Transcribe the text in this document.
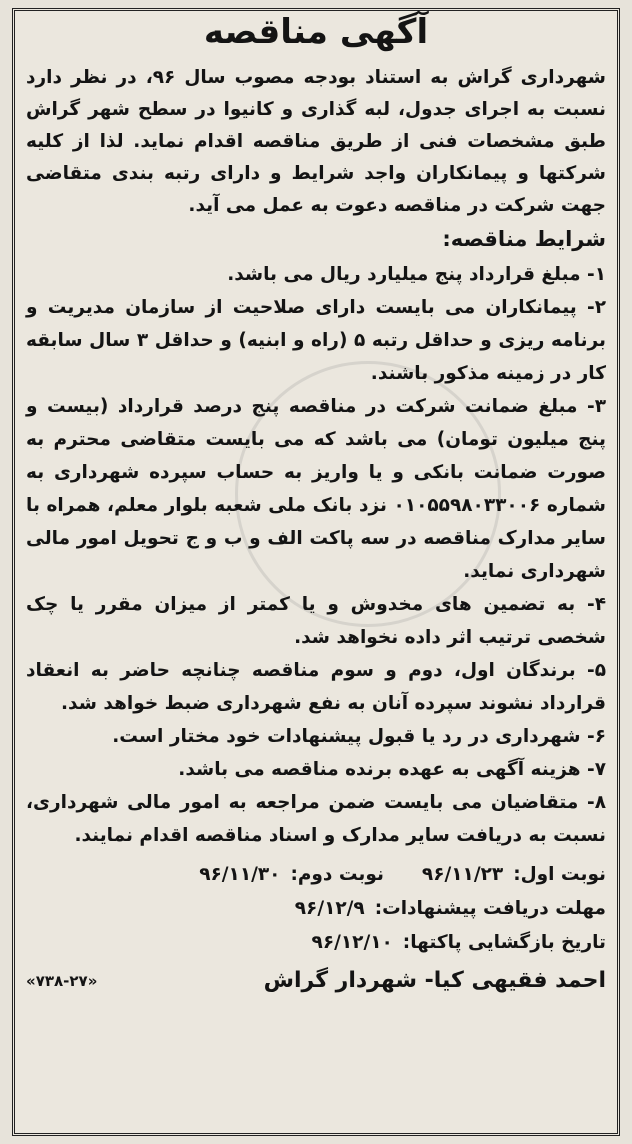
آگهی مناقصه

شهرداری گراش به استناد بودجه مصوب سال ۹۶، در نظر دارد نسبت به اجرای جدول، لبه گذاری و کانیوا در سطح شهر گراش طبق مشخصات فنی از طریق مناقصه اقدام نماید. لذا از کلیه شرکتها و پیمانکاران واجد شرایط و دارای رتبه بندی متقاضی جهت شرکت در مناقصه دعوت به عمل می آید.

شرایط مناقصه:

۱- مبلغ قرارداد پنج میلیارد ریال می باشد.

۲- پیمانکاران می بایست دارای صلاحیت از سازمان مدیریت و برنامه ریزی و حداقل رتبه ۵ (راه و ابنیه) و حداقل ۳ سال سابقه کار در زمینه مذکور باشند.

۳- مبلغ ضمانت شرکت در مناقصه پنج درصد قرارداد (بیست و پنج میلیون تومان) می باشد که می بایست متقاضی محترم به صورت ضمانت بانکی و یا واریز به حساب سپرده شهرداری به شماره ۰۱۰۵۵۹۸۰۳۳۰۰۶ نزد بانک ملی شعبه بلوار معلم، همراه با سایر مدارک مناقصه در سه پاکت الف و ب و ج تحویل امور مالی شهرداری نماید.

۴- به تضمین های مخدوش و یا کمتر از میزان مقرر یا چک شخصی ترتیب اثر داده نخواهد شد.

۵- برندگان اول، دوم و سوم مناقصه چنانچه حاضر به انعقاد قرارداد نشوند سپرده آنان به نفع شهرداری ضبط خواهد شد.

۶- شهرداری در رد یا قبول پیشنهادات خود مختار است.

۷- هزینه آگهی به عهده برنده مناقصه می باشد.

۸- متقاضیان می بایست ضمن مراجعه به امور مالی شهرداری، نسبت به دریافت سایر مدارک و اسناد مناقصه اقدام نمایند.

نوبت اول:
۹۶/۱۱/۲۳
نوبت دوم:
۹۶/۱۱/۳۰
مهلت دریافت پیشنهادات:
۹۶/۱۲/۹
تاریخ بازگشایی پاکتها:
۹۶/۱۲/۱۰
احمد فقیهی کیا- شهردار گراش
«۷۳۸-۲۷»
